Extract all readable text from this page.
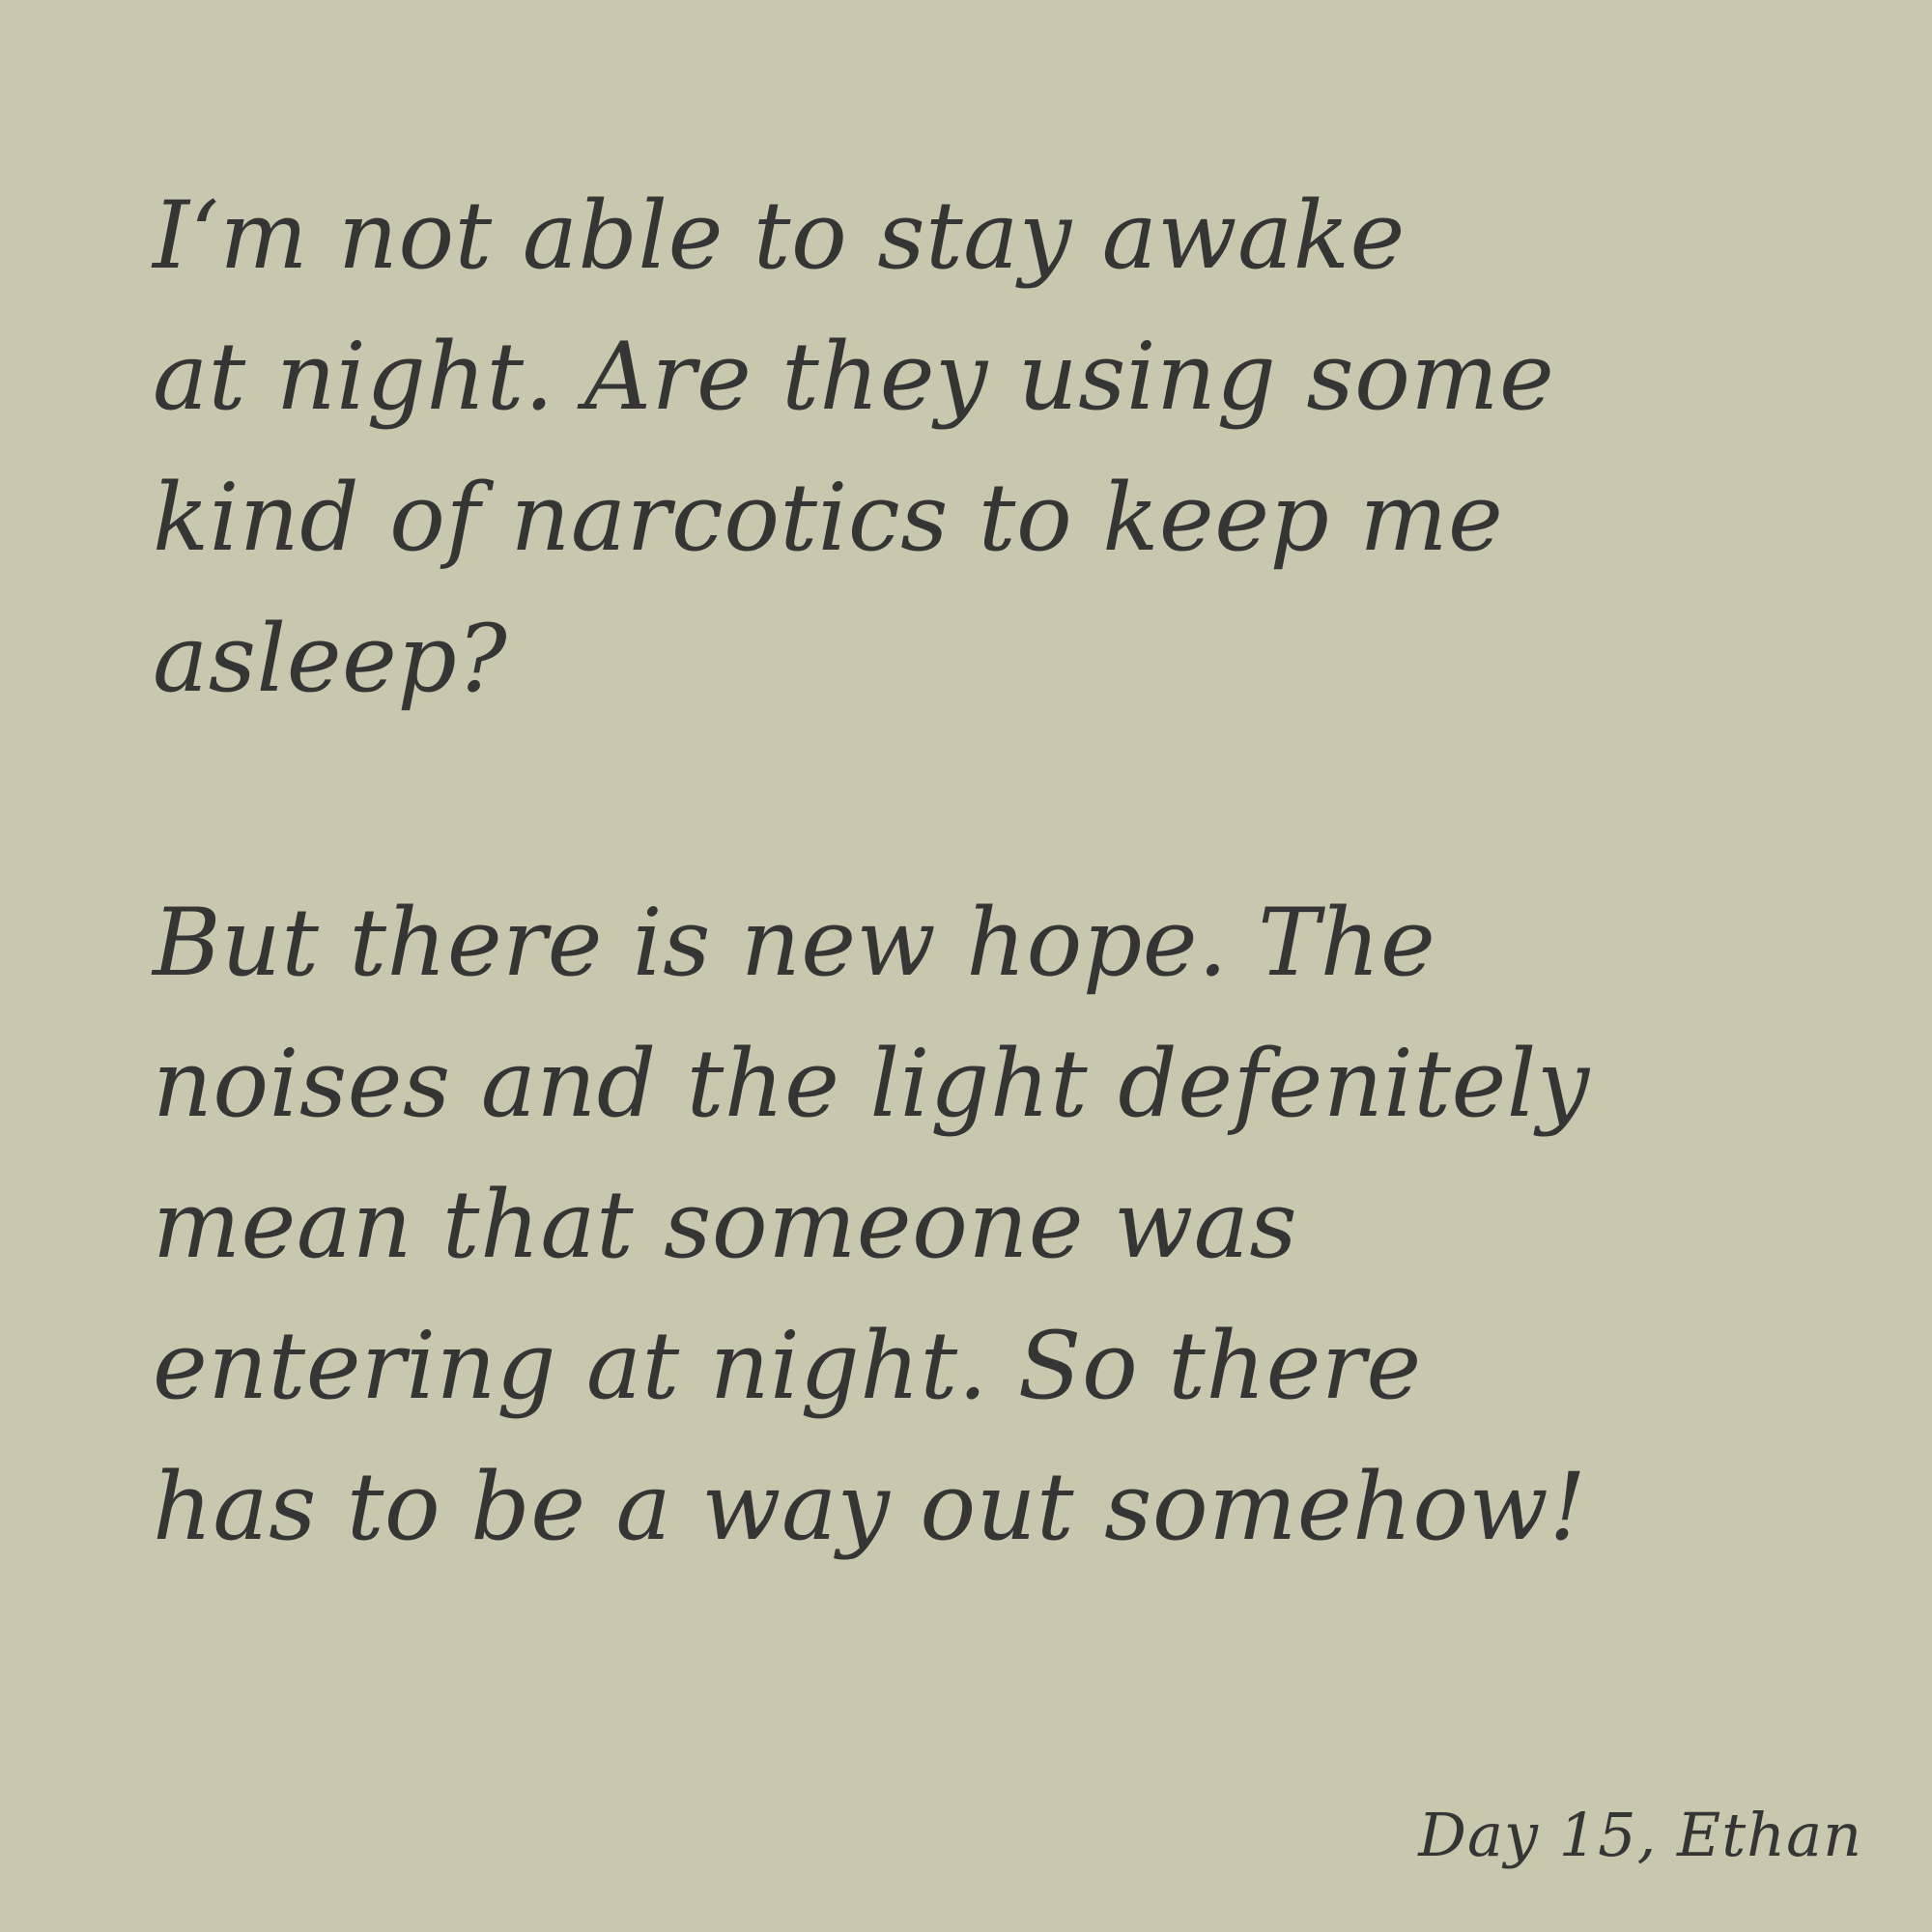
I‘m not able to stay awake

at night. Are they using some

kind of narcotics to keep me

asleep?

But there is new hope. The

noises and the light defenitely

mean that someone was

entering at night. So there

has to be a way out somehow!

Day 15, Ethan
